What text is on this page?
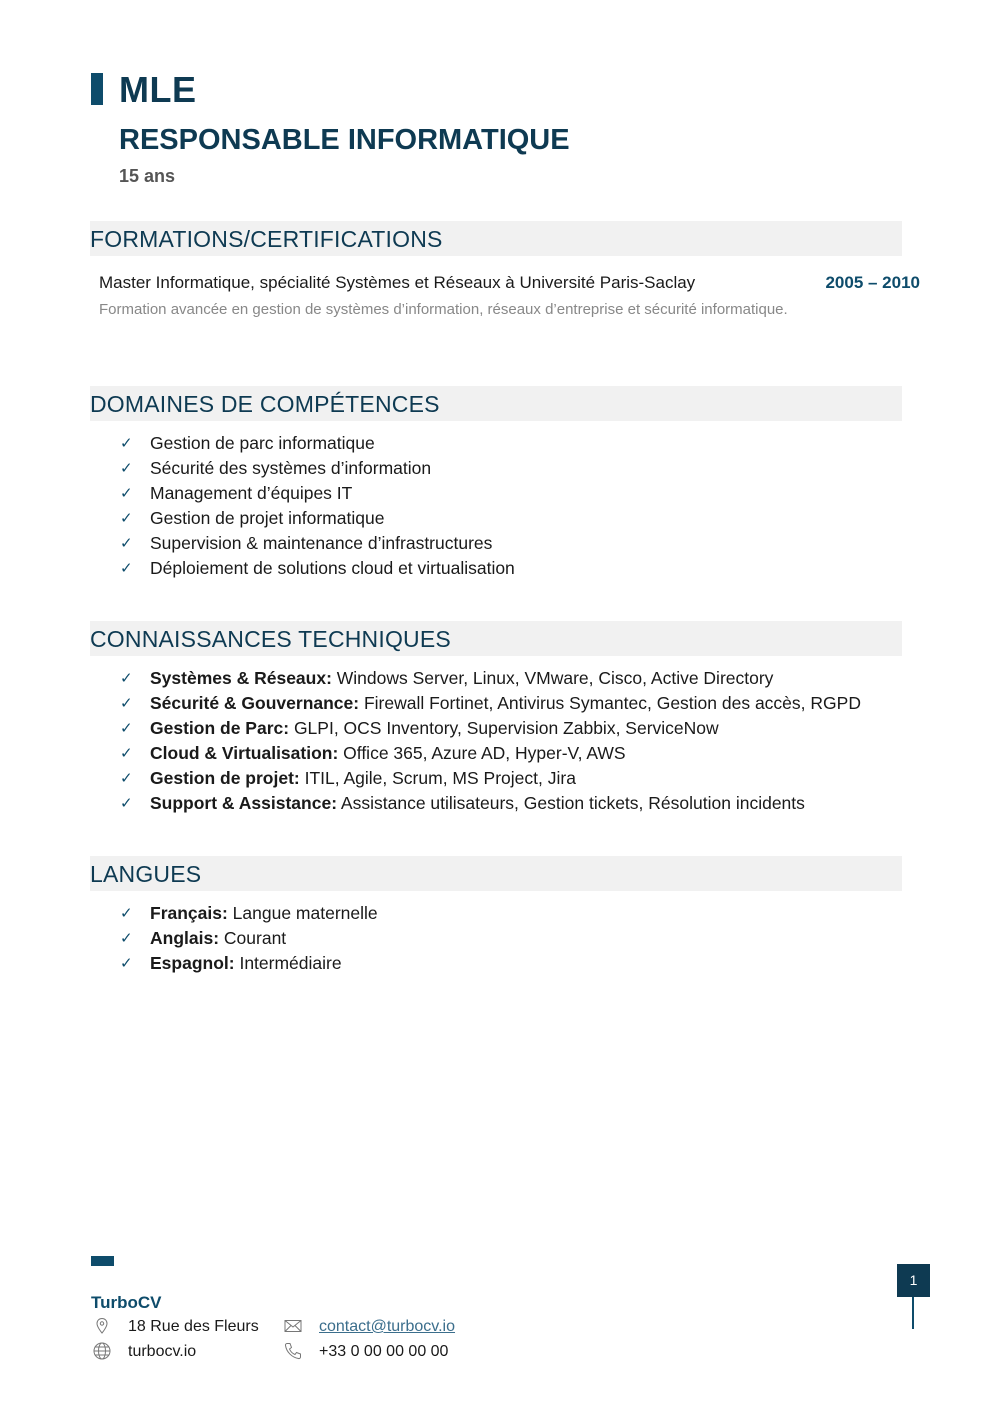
MLE
RESPONSABLE INFORMATIQUE
15 ans
FORMATIONS/CERTIFICATIONS
Master Informatique, spécialité Systèmes et Réseaux à Université Paris-Saclay	2005 – 2010
Formation avancée en gestion de systèmes d’information, réseaux d’entreprise et sécurité informatique.
DOMAINES DE COMPÉTENCES
✓ Gestion de parc informatique
✓ Sécurité des systèmes d’information
✓ Management d’équipes IT
✓ Gestion de projet informatique
✓ Supervision & maintenance d’infrastructures
✓ Déploiement de solutions cloud et virtualisation
CONNAISSANCES TECHNIQUES
✓ Systèmes & Réseaux: Windows Server, Linux, VMware, Cisco, Active Directory
✓ Sécurité & Gouvernance: Firewall Fortinet, Antivirus Symantec, Gestion des accès, RGPD
✓ Gestion de Parc: GLPI, OCS Inventory, Supervision Zabbix, ServiceNow
✓ Cloud & Virtualisation: Office 365, Azure AD, Hyper-V, AWS
✓ Gestion de projet: ITIL, Agile, Scrum, MS Project, Jira
✓ Support & Assistance: Assistance utilisateurs, Gestion tickets, Résolution incidents
LANGUES
✓ Français: Langue maternelle
✓ Anglais: Courant
✓ Espagnol: Intermédiaire
TurboCV
18 Rue des Fleurs	contact@turbocv.io
turbocv.io	+33 0 00 00 00 00
1
